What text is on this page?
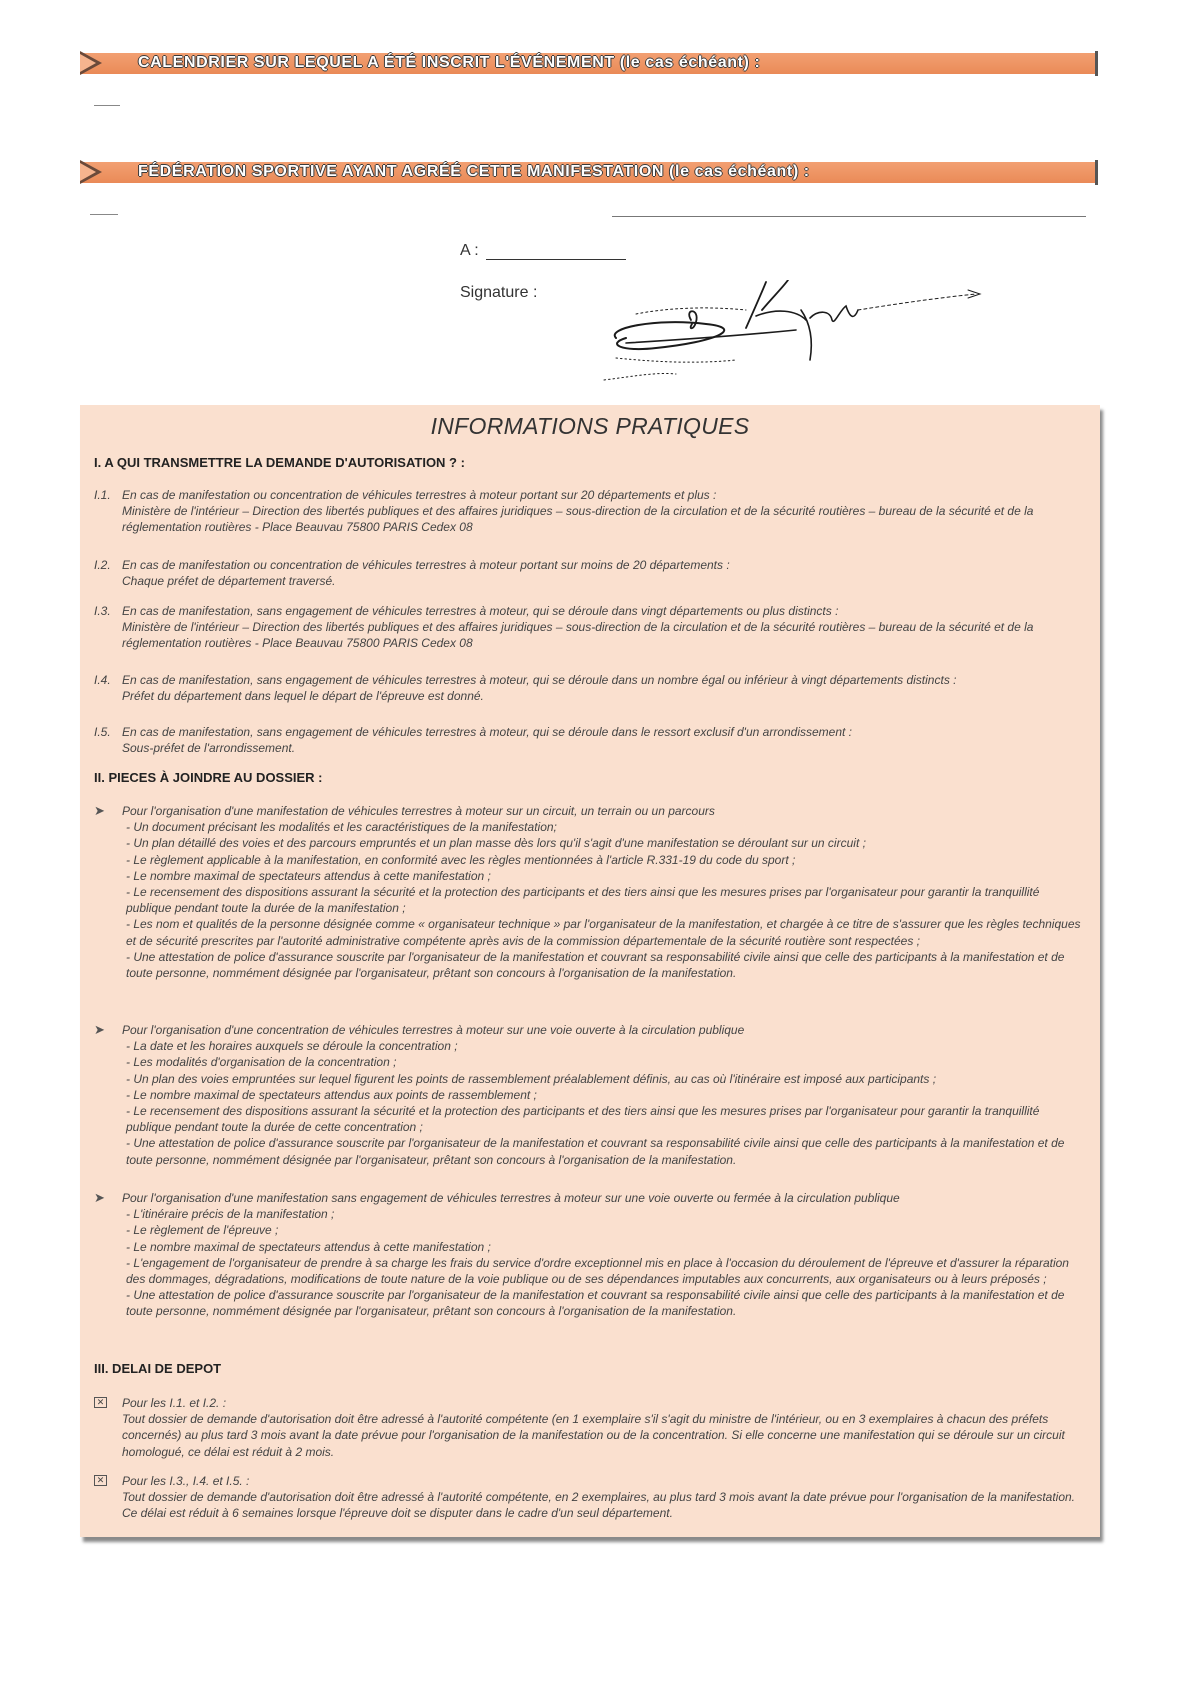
CALENDRIER SUR LEQUEL A ÉTÉ INSCRIT L'ÉVÉNEMENT (le cas échéant) :
FÉDÉRATION SPORTIVE AYANT AGRÉÉ CETTE MANIFESTATION (le cas échéant) :
A :
Signature :
INFORMATIONS PRATIQUES
I. A QUI TRANSMETTRE LA DEMANDE D'AUTORISATION ? :
I.1. En cas de manifestation ou concentration de véhicules terrestres à moteur portant sur 20 départements et plus :
Ministère de l'intérieur – Direction des libertés publiques et des affaires juridiques – sous-direction de la circulation et de la sécurité routières – bureau de la sécurité et de la réglementation routières - Place Beauvau 75800 PARIS Cedex 08
I.2. En cas de manifestation ou concentration de véhicules terrestres à moteur portant sur moins de 20 départements :
Chaque préfet de département traversé.
I.3. En cas de manifestation, sans engagement de véhicules terrestres à moteur, qui se déroule dans vingt départements ou plus distincts :
Ministère de l'intérieur – Direction des libertés publiques et des affaires juridiques – sous-direction de la circulation et de la sécurité routières – bureau de la sécurité et de la réglementation routières - Place Beauvau 75800 PARIS Cedex 08
I.4. En cas de manifestation, sans engagement de véhicules terrestres à moteur, qui se déroule dans un nombre égal ou inférieur à vingt départements distincts :
Préfet du département dans lequel le départ de l'épreuve est donné.
I.5. En cas de manifestation, sans engagement de véhicules terrestres à moteur, qui se déroule dans le ressort exclusif d'un arrondissement :
Sous-préfet de l'arrondissement.
II. PIECES À JOINDRE AU DOSSIER :
➤ Pour l'organisation d'une manifestation de véhicules terrestres à moteur sur un circuit, un terrain ou un parcours
- Un document précisant les modalités et les caractéristiques de la manifestation;
- Un plan détaillé des voies et des parcours empruntés et un plan masse dès lors qu'il s'agit d'une manifestation se déroulant sur un circuit ;
- Le règlement applicable à la manifestation, en conformité avec les règles mentionnées à l'article R.331-19 du code du sport ;
- Le nombre maximal de spectateurs attendus à cette manifestation ;
- Le recensement des dispositions assurant la sécurité et la protection des participants et des tiers ainsi que les mesures prises par l'organisateur pour garantir la tranquillité publique pendant toute la durée de la manifestation ;
- Les nom et qualités de la personne désignée comme « organisateur technique » par l'organisateur de la manifestation, et chargée à ce titre de s'assurer que les règles techniques et de sécurité prescrites par l'autorité administrative compétente après avis de la commission départementale de la sécurité routière sont respectées ;
- Une attestation de police d'assurance souscrite par l'organisateur de la manifestation et couvrant sa responsabilité civile ainsi que celle des participants à la manifestation et de toute personne, nommément désignée par l'organisateur, prêtant son concours à l'organisation de la manifestation.
➤ Pour l'organisation d'une concentration de véhicules terrestres à moteur sur une voie ouverte à la circulation publique
- La date et les horaires auxquels se déroule la concentration ;
- Les modalités d'organisation de la concentration ;
- Un plan des voies empruntées sur lequel figurent les points de rassemblement préalablement définis, au cas où l'itinéraire est imposé aux participants ;
- Le nombre maximal de spectateurs attendus aux points de rassemblement ;
- Le recensement des dispositions assurant la sécurité et la protection des participants et des tiers ainsi que les mesures prises par l'organisateur pour garantir la tranquillité publique pendant toute la durée de cette concentration ;
- Une attestation de police d'assurance souscrite par l'organisateur de la manifestation et couvrant sa responsabilité civile ainsi que celle des participants à la manifestation et de toute personne, nommément désignée par l'organisateur, prêtant son concours à l'organisation de la manifestation.
➤ Pour l'organisation d'une manifestation sans engagement de véhicules terrestres à moteur sur une voie ouverte ou fermée à la circulation publique
- L'itinéraire précis de la manifestation ;
- Le règlement de l'épreuve ;
- Le nombre maximal de spectateurs attendus à cette manifestation ;
- L'engagement de l'organisateur de prendre à sa charge les frais du service d'ordre exceptionnel mis en place à l'occasion du déroulement de l'épreuve et d'assurer la réparation des dommages, dégradations, modifications de toute nature de la voie publique ou de ses dépendances imputables aux concurrents, aux organisateurs ou à leurs préposés ;
- Une attestation de police d'assurance souscrite par l'organisateur de la manifestation et couvrant sa responsabilité civile ainsi que celle des participants à la manifestation et de toute personne, nommément désignée par l'organisateur, prêtant son concours à l'organisation de la manifestation.
III. DELAI DE DEPOT
✕ Pour les I.1. et I.2. :
Tout dossier de demande d'autorisation doit être adressé à l'autorité compétente (en 1 exemplaire s'il s'agit du ministre de l'intérieur, ou en 3 exemplaires à chacun des préfets concernés) au plus tard 3 mois avant la date prévue pour l'organisation de la manifestation ou de la concentration. Si elle concerne une manifestation qui se déroule sur un circuit homologué, ce délai est réduit à 2 mois.
✕ Pour les I.3., I.4. et I.5. :
Tout dossier de demande d'autorisation doit être adressé à l'autorité compétente, en 2 exemplaires, au plus tard 3 mois avant la date prévue pour l'organisation de la manifestation. Ce délai est réduit à 6 semaines lorsque l'épreuve doit se disputer dans le cadre d'un seul département.
